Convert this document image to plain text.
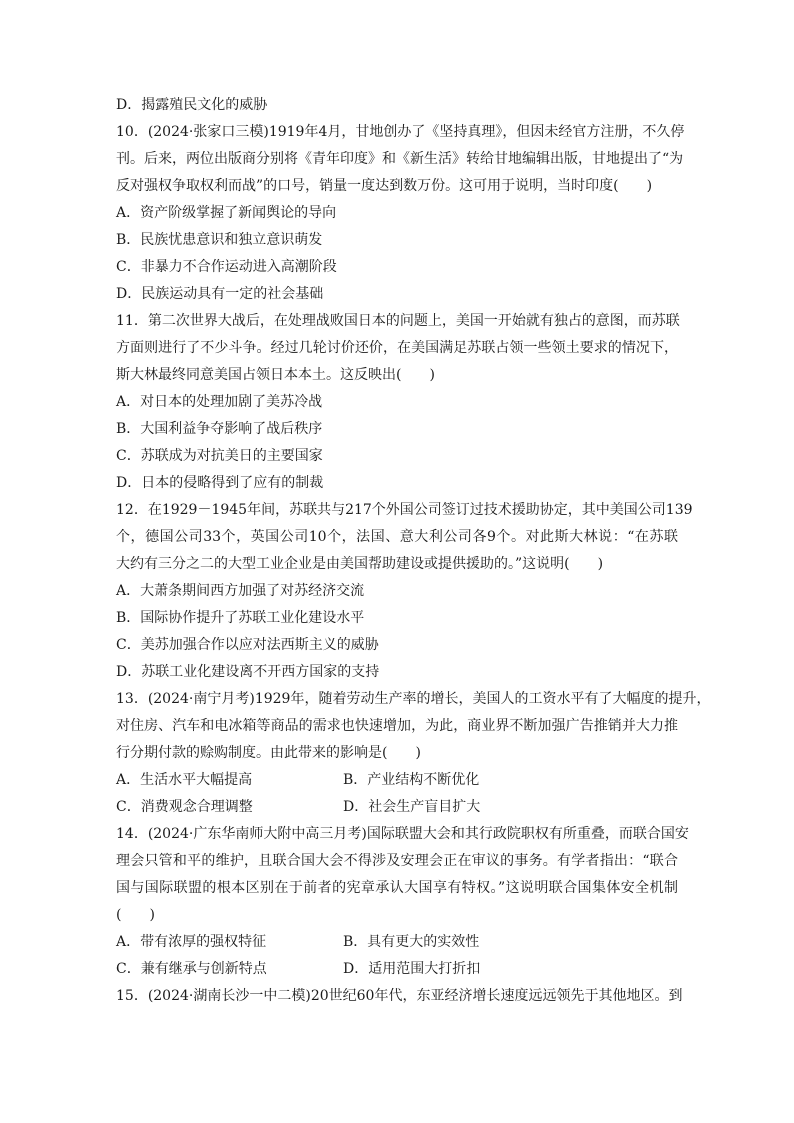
D．揭露殖民文化的威胁
10．(2024·张家口三模)1919年4月，甘地创办了《坚持真理》，但因未经官方注册，不久停
刊。后来，两位出版商分别将《青年印度》和《新生活》转给甘地编辑出版，甘地提出了“为
反对强权争取权利而战”的口号，销量一度达到数万份。这可用于说明，当时印度(　　)
A．资产阶级掌握了新闻舆论的导向
B．民族忧患意识和独立意识萌发
C．非暴力不合作运动进入高潮阶段
D．民族运动具有一定的社会基础
11．第二次世界大战后，在处理战败国日本的问题上，美国一开始就有独占的意图，而苏联
方面则进行了不少斗争。经过几轮讨价还价，在美国满足苏联占领一些领土要求的情况下，
斯大林最终同意美国占领日本本土。这反映出(　　)
A．对日本的处理加剧了美苏冷战
B．大国利益争夺影响了战后秩序
C．苏联成为对抗美日的主要国家
D．日本的侵略得到了应有的制裁
12．在1929－1945年间，苏联共与217个外国公司签订过技术援助协定，其中美国公司139
个，德国公司33个，英国公司10个，法国、意大利公司各9个。对此斯大林说：“在苏联
大约有三分之二的大型工业企业是由美国帮助建设或提供援助的。”这说明(　　)
A．大萧条期间西方加强了对苏经济交流
B．国际协作提升了苏联工业化建设水平
C．美苏加强合作以应对法西斯主义的威胁
D．苏联工业化建设离不开西方国家的支持
13．(2024·南宁月考)1929年，随着劳动生产率的增长，美国人的工资水平有了大幅度的提升，
对住房、汽车和电冰箱等商品的需求也快速增加，为此，商业界不断加强广告推销并大力推
行分期付款的赊购制度。由此带来的影响是(　　)
A．生活水平大幅提高	B．产业结构不断优化
C．消费观念合理调整	D．社会生产盲目扩大
14．(2024·广东华南师大附中高三月考)国际联盟大会和其行政院职权有所重叠，而联合国安
理会只管和平的维护，且联合国大会不得涉及安理会正在审议的事务。有学者指出：“联合
国与国际联盟的根本区别在于前者的宪章承认大国享有特权。”这说明联合国集体安全机制
(　　)
A．带有浓厚的强权特征	B．具有更大的实效性
C．兼有继承与创新特点	D．适用范围大打折扣
15．(2024·湖南长沙一中二模)20世纪60年代，东亚经济增长速度远远领先于其他地区。到
